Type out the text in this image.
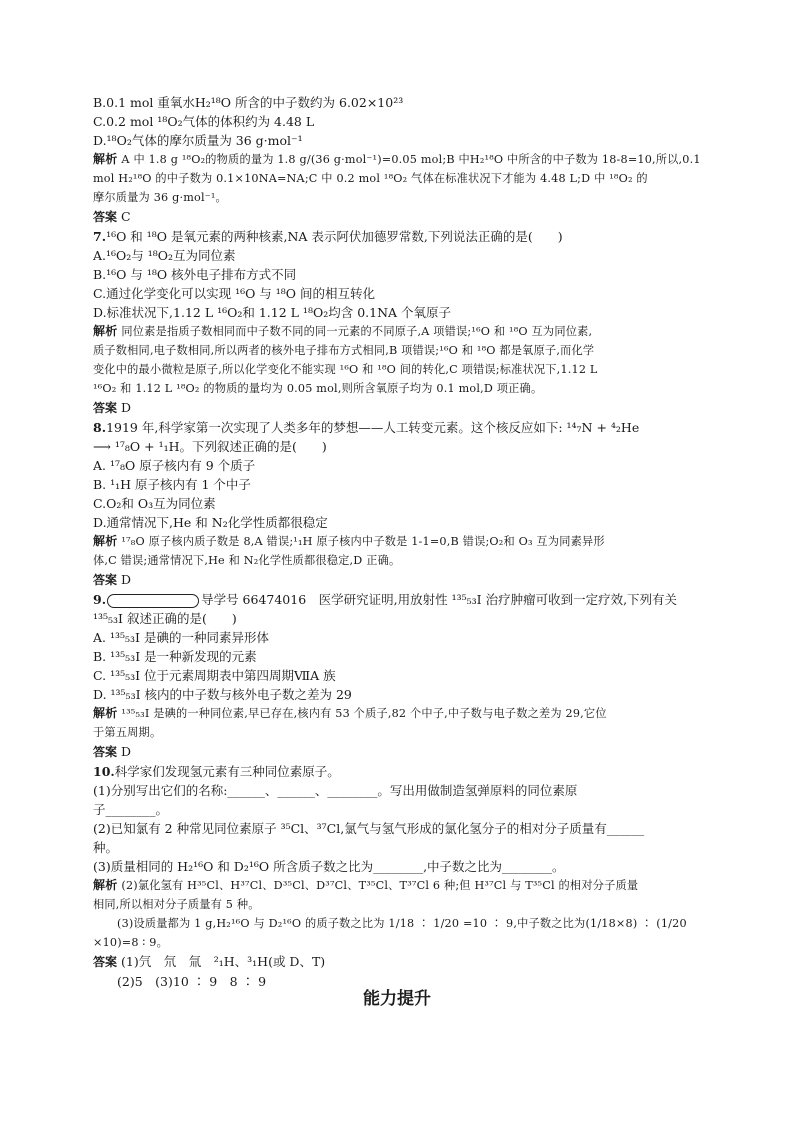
B.0.1 mol 重氧水H₂¹⁸O 所含的中子数约为 6.02×10²³
C.0.2 mol ¹⁸O₂气体的体积约为 4.48 L
D.¹⁸O₂气体的摩尔质量为 36 g·mol⁻¹
解析 A 中 1.8 g ¹⁸O₂的物质的量为 1.8 g/(36 g·mol⁻¹)=0.05 mol;B 中H₂¹⁸O 中所含的中子数为 18-8=10,所以,0.1
mol H₂¹⁸O 的中子数为 0.1×10NA=NA;C 中 0.2 mol ¹⁸O₂ 气体在标准状况下才能为 4.48 L;D 中 ¹⁸O₂ 的
摩尔质量为 36 g·mol⁻¹。
答案 C
7.¹⁶O 和 ¹⁸O 是氧元素的两种核素,NA 表示阿伏加德罗常数,下列说法正确的是(　　)
A.¹⁶O₂与 ¹⁸O₂互为同位素
B.¹⁶O 与 ¹⁸O 核外电子排布方式不同
C.通过化学变化可以实现 ¹⁶O 与 ¹⁸O 间的相互转化
D.标准状况下,1.12 L ¹⁶O₂和 1.12 L ¹⁸O₂均含 0.1NA 个氧原子
解析 同位素是指质子数相同而中子数不同的同一元素的不同原子,A 项错误;¹⁶O 和 ¹⁸O 互为同位素,
质子数相同,电子数相同,所以两者的核外电子排布方式相同,B 项错误;¹⁶O 和 ¹⁸O 都是氧原子,而化学
变化中的最小微粒是原子,所以化学变化不能实现 ¹⁶O 和 ¹⁸O 间的转化,C 项错误;标准状况下,1.12 L
¹⁶O₂ 和 1.12 L ¹⁸O₂ 的物质的量均为 0.05 mol,则所含氧原子均为 0.1 mol,D 项正确。
答案 D
8.1919 年,科学家第一次实现了人类多年的梦想——人工转变元素。这个核反应如下: ¹⁴₇N + ⁴₂He
⟶ ¹⁷₈O + ¹₁H。下列叙述正确的是(　　)
A. ¹⁷₈O 原子核内有 9 个质子
B. ¹₁H 原子核内有 1 个中子
C.O₂和 O₃互为同位素
D.通常情况下,He 和 N₂化学性质都很稳定
解析 ¹⁷₈O 原子核内质子数是 8,A 错误;¹₁H 原子核内中子数是 1-1=0,B 错误;O₂和 O₃ 互为同素异形
体,C 错误;通常情况下,He 和 N₂化学性质都很稳定,D 正确。
答案 D
9.	导学号 66474016　医学研究证明,用放射性 ¹³⁵₅₃I 治疗肿瘤可收到一定疗效,下列有关
¹³⁵₅₃I 叙述正确的是(　　)
A. ¹³⁵₅₃I 是碘的一种同素异形体
B. ¹³⁵₅₃I 是一种新发现的元素
C. ¹³⁵₅₃I 位于元素周期表中第四周期ⅦA 族
D. ¹³⁵₅₃I 核内的中子数与核外电子数之差为 29
解析 ¹³⁵₅₃I 是碘的一种同位素,早已存在,核内有 53 个质子,82 个中子,中子数与电子数之差为 29,它位
于第五周期。
答案 D
10.科学家们发现氢元素有三种同位素原子。
(1)分别写出它们的名称:______、______、________。写出用做制造氢弹原料的同位素原
子________。
(2)已知氯有 2 种常见同位素原子 ³⁵Cl、³⁷Cl,氯气与氢气形成的氯化氢分子的相对分子质量有______
种。
(3)质量相同的 H₂¹⁶O 和 D₂¹⁶O 所含质子数之比为________,中子数之比为________。
解析 (2)氯化氢有 H³⁵Cl、H³⁷Cl、D³⁵Cl、D³⁷Cl、T³⁵Cl、T³⁷Cl 6 种;但 H³⁷Cl 与 T³⁵Cl 的相对分子质量
相同,所以相对分子质量有 5 种。
(3)设质量都为 1 g,H₂¹⁶O 与 D₂¹⁶O 的质子数之比为 1/18 ∶ 1/20 =10 ∶ 9,中子数之比为(1/18×8) ∶ (1/20
×10)=8 ∶ 9。
答案 (1)氕　氘　氚　²₁H、³₁H(或 D、T)
(2)5　(3)10 ∶ 9　8 ∶ 9
能力提升
